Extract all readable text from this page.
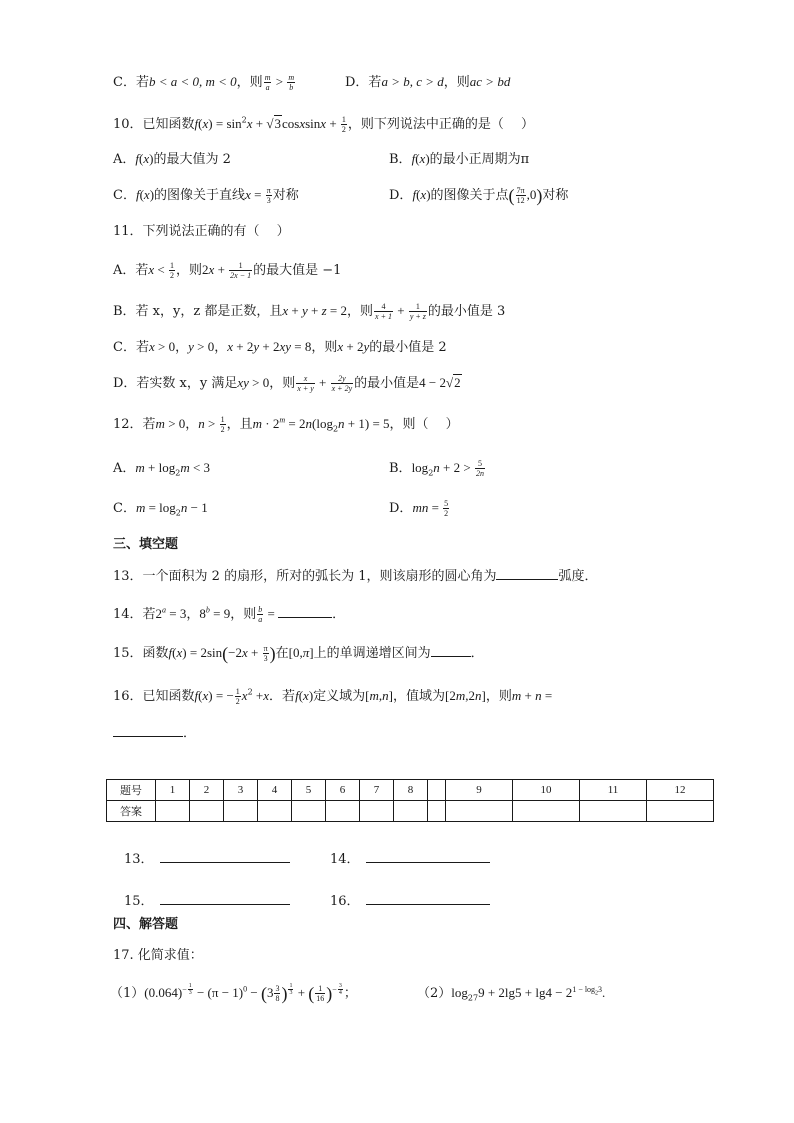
C．若b < a < 0, m < 0，则 $\frac{m}{a} > \frac{m}{b}$	D．若a > b, c > d，则ac > bd
10．已知函数$f(x) = \sin^2x$ + √3cosxsinx + $\frac{1}{2}$ ，则下列说法中正确的是（　 ）
A．f(x)的最大值为 2	B．f(x)的最小正周期为π
C．f(x)的图像关于直线$x = \frac{\pi}{3}$ 对称	D．f(x)的图像关于点( $\frac{7\pi}{12} ,0$)对称
11．下列说法正确的有（　 ）
A．若$x < \frac{1}{2}$ ，则$2x + \frac{1}{2x - 1}$ 的最大值是 −1
B．若 x，y，z 都是正数，且x + y + z = 2，则 $\frac{4}{x + 1} + \frac{1}{y + z}$ 的最小值是 3
C．若x > 0，y > 0，x + 2y + 2xy = 8，则x + 2y的最小值是 2
D．若实数 x，y 满足xy > 0，则 $\frac{x}{x + y} + \frac{2y}{x + 2y}$ 的最小值是4 − 2√2
12．若m > 0，$n > \frac{1}{2}$ ，且$m \cdot 2^m = 2n(\log_2n + 1) = 5$，则（　 ）
A．$m + \log_2m < 3$	B．$\log_2n + 2 > \frac{5}{2n}$
C．$m = \log_2n - 1$	D．mn = $\frac{5}{2}$
三、填空题
13．一个面积为 2 的扇形，所对的弧长为 1，则该扇形的圆心角为	弧度．
14．若$2^a = 3$，$8^b = 9$，则 $\frac{b}{a}$ =	．
15．函数$f(x) = 2\sin(-2x + \frac{\pi}{3}$ )在[0,π]上的单调递增区间为	．
16．已知函数f(x) = − $\frac{1}{2} x^2 +x$．若f(x)定义域为[m,n]，值域为[2m,2n]，则m + n =
．
题号	1	2	3	4	5	6	7	8		9	10	11	12
答案													
13．	14．
15．	16．
四、解答题
17. 化简求值：
$(1)(0.064)^{- \frac{1}{3}} - (\pi - 1)^0 - (3 \frac{3}{8}$ ) $^{\frac{1}{3}}$ + ( $\frac{1}{16} )^{- \frac{3}{4}}$ ；	$(2)\log_{27}9 + 2\lg 5 + \lg 4 - 2^{1 - log_23}$.
